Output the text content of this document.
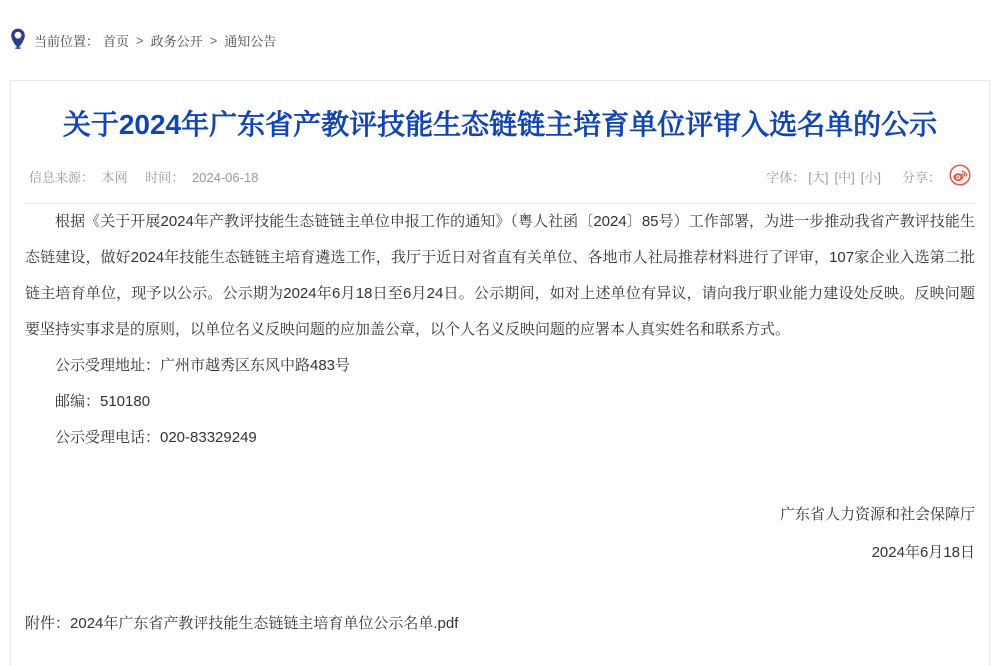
当前位置： 首页 > 政务公开 > 通知公告
关于2024年广东省产教评技能生态链链主培育单位评审入选名单的公示
信息来源： 本网 时间： 2024-06-18	字体： [大] [中] [小] 分享：

根据《关于开展2024年产教评技能生态链链主单位申报工作的通知》（粤人社函〔2024〕85号）工作部署，为进一步推动我省产教评技能生态链建设，做好2024年技能生态链链主培育遴选工作，我厅于近日对省直有关单位、各地市人社局推荐材料进行了评审，107家企业入选第二批链主培育单位，现予以公示。公示期为2024年6月18日至6月24日。公示期间，如对上述单位有异议，请向我厅职业能力建设处反映。反映问题要坚持实事求是的原则，以单位名义反映问题的应加盖公章，以个人名义反映问题的应署本人真实姓名和联系方式。

公示受理地址：广州市越秀区东风中路483号

邮编：510180

公示受理电话：020-83329249

广东省人力资源和社会保障厅
2024年6月18日
附件：2024年广东省产教评技能生态链链主培育单位公示名单.pdf
